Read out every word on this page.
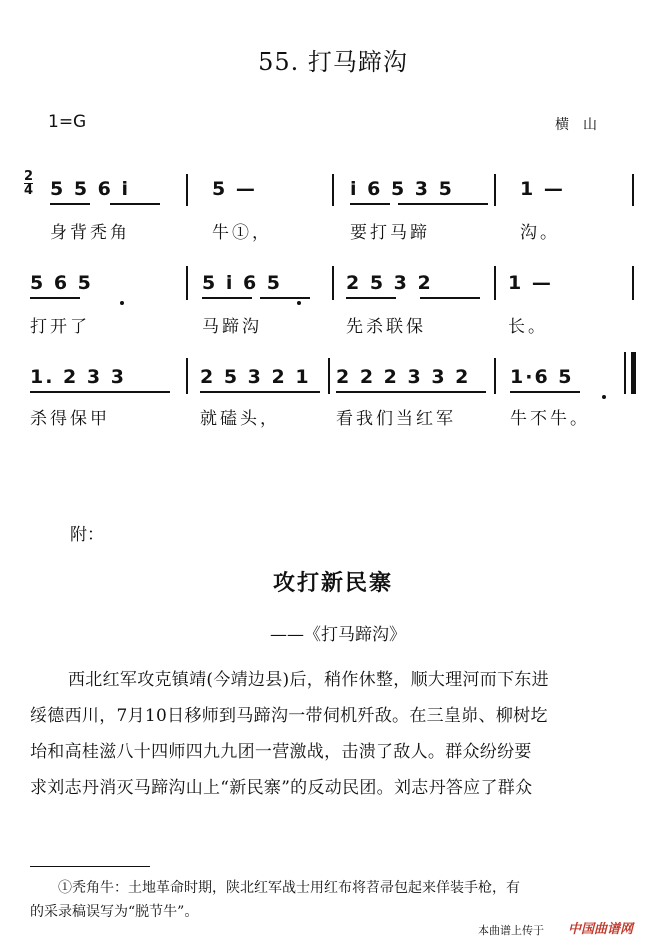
55. 打马蹄沟
1=G	横山
$\frac{2}{4} 5$ 5 6 i	5 —	i 6 5 3 5	1 —
身背秃角	牛①，	要打马蹄	沟。
5 6 5	5 i 6 5	2 5 3 2	1 —
打开了	马蹄沟	先杀联保	长。
1. 2 3 3	2 5 3 2 1 2 2 2 3 3 2 1·6 5
杀得保甲	就磕头，	看我们当红军	牛不牛。
附：
攻打新民寨
——《打马蹄沟》
西北红军攻克镇靖(今靖边县)后，稍作休整，顺大理河而下东进
绥德西川，7月10日移师到马蹄沟一带伺机歼敌。在三皇峁、柳树圪
坮和高桂滋八十四师四九九团一营激战，击溃了敌人。群众纷纷要
求刘志丹消灭马蹄沟山上“新民寨”的反动民团。刘志丹答应了群众
①秃角牛：土地革命时期，陕北红军战士用红布将苕帚包起来佯装手枪，有
的采录稿误写为“脱节牛”。
本曲谱上传于 中国曲谱网
